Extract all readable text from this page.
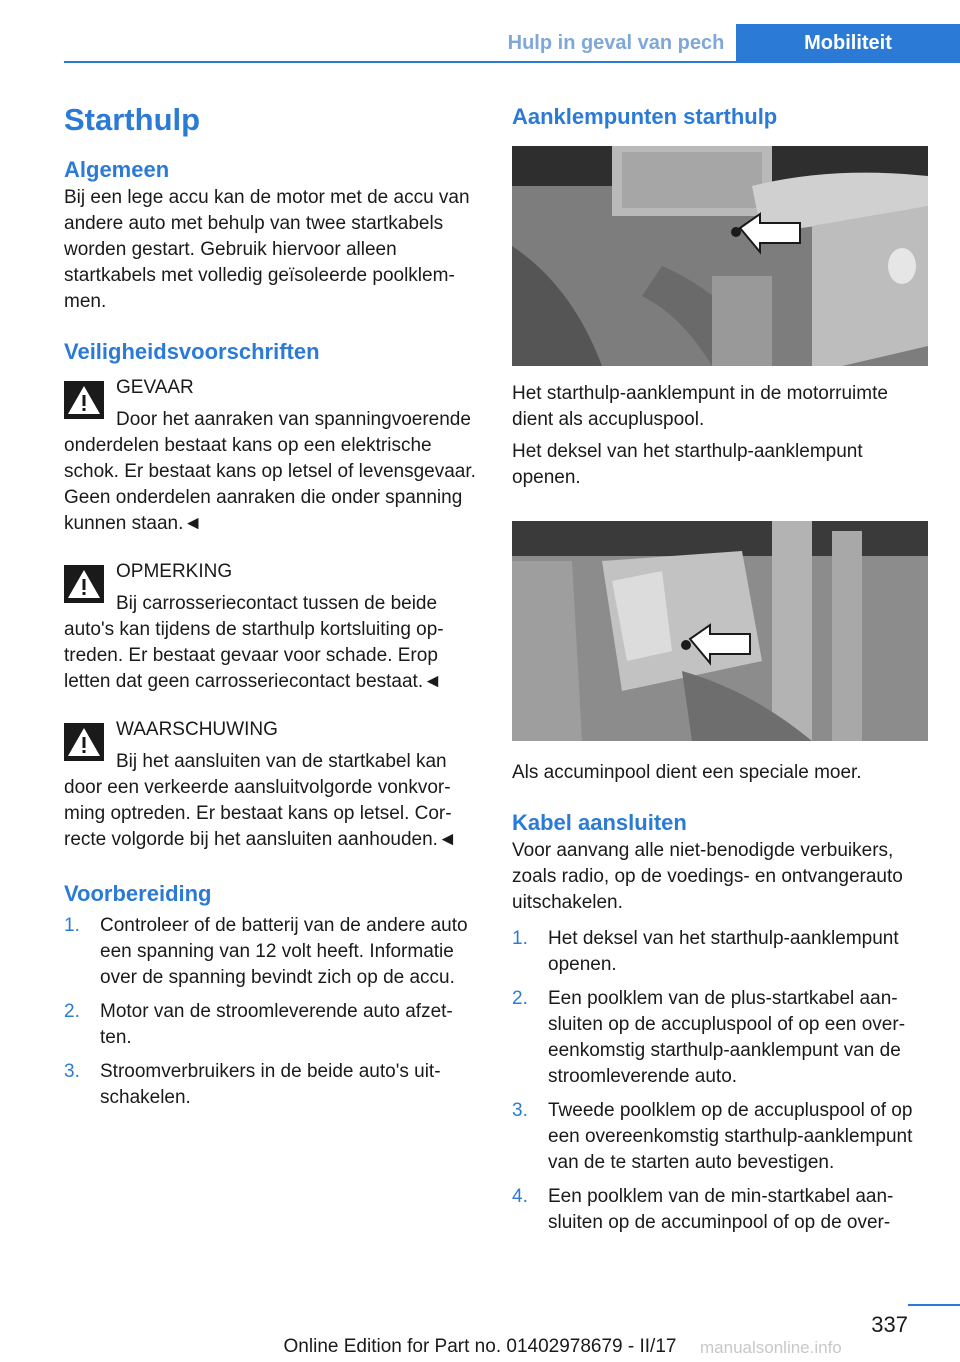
Hulp in geval van pech	Mobiliteit
Starthulp
Algemeen

Bij een lege accu kan de motor met de accu van andere auto met behulp van twee startkabels worden gestart. Gebruik hiervoor alleen startkabels met volledig geïsoleerde poolklemmen.

Veiligheidsvoorschriften
GEVAAR
Door het aanraken van spanningvoerende onderdelen bestaat kans op een elektrische schok. Er bestaat kans op letsel of levensgevaar. Geen onderdelen aanraken die onder spanning kunnen staan.◄
OPMERKING
Bij carrosseriecontact tussen de beide auto's kan tijdens de starthulp kortsluiting optreden. Er bestaat gevaar voor schade. Erop letten dat geen carrosseriecontact bestaat.◄
WAARSCHUWING
Bij het aansluiten van de startkabel kan door een verkeerde aansluitvolgorde vonkvorming optreden. Er bestaat kans op letsel. Correcte volgorde bij het aansluiten aanhouden.◄
Voorbereiding
1. Controleer of de batterij van de andere auto een spanning van 12 volt heeft. Informatie over de spanning bevindt zich op de accu.
2. Motor van de stroomleverende auto afzetten.
3. Stroomverbruikers in de beide auto's uitschakelen.
Aanklempunten starthulp

Het starthulp-aanklempunt in de motorruimte dient als accupluspool.

Het deksel van het starthulp-aanklempunt openen.

Als accuminpool dient een speciale moer.

Kabel aansluiten

Voor aanvang alle niet-benodigde verbuikers, zoals radio, op de voedings- en ontvangerauto uitschakelen.

1. Het deksel van het starthulp-aanklempunt openen.
2. Een poolklem van de plus-startkabel aansluiten op de accupluspool of op een overeenkomstig starthulp-aanklempunt van de stroomleverende auto.
3. Tweede poolklem op de accupluspool of op een overeenkomstig starthulp-aanklempunt van de te starten auto bevestigen.
4. Een poolklem van de min-startkabel aansluiten op de accuminpool of op de over-
337
Online Edition for Part no. 01402978679 - II/17	manualsonline.info
